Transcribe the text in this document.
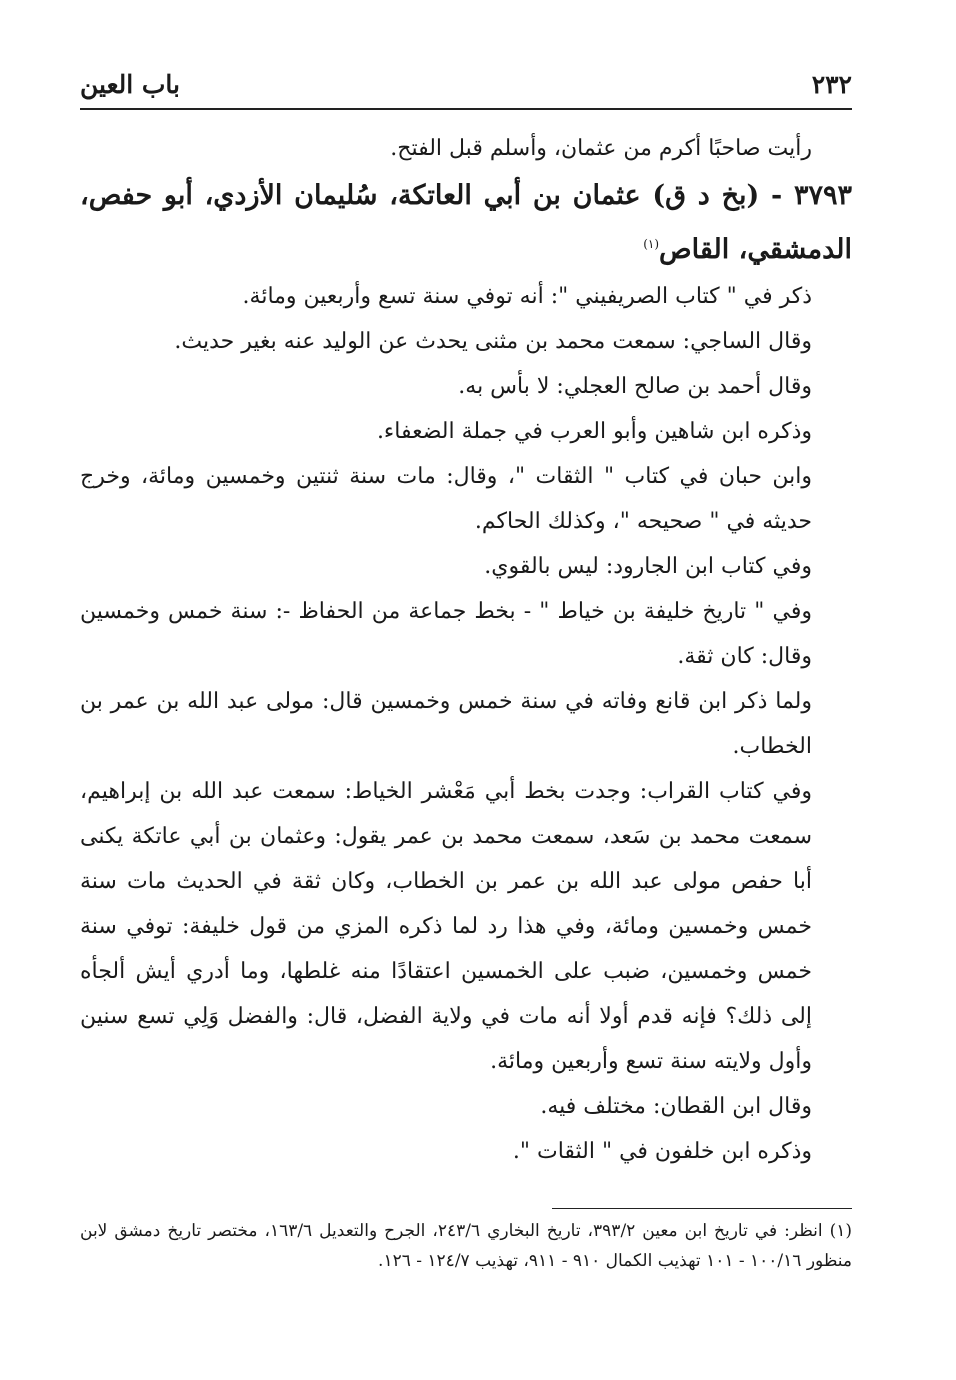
٢٣٢
باب العين

رأيت صاحبًا أكرم من عثمان، وأسلم قبل الفتح.

٣٧٩٣ - (بخ د ق) عثمان بن أبي العاتكة، سُليمان الأزدي، أبو حفص، الدمشقي، القاص$^{(١)}$

ذكر في " كتاب الصريفيني ": أنه توفي سنة تسع وأربعين ومائة.

وقال الساجي: سمعت محمد بن مثنى يحدث عن الوليد عنه بغير حديث.

وقال أحمد بن صالح العجلي: لا بأس به.

وذكره ابن شاهين وأبو العرب في جملة الضعفاء.

وابن حبان في كتاب " الثقات "، وقال: مات سنة ثنتين وخمسين ومائة، وخرج حديثه في " صحيحه "، وكذلك الحاكم.

وفي كتاب ابن الجارود: ليس بالقوي.

وفي " تاريخ خليفة بن خياط " - بخط جماعة من الحفاظ -: سنة خمس وخمسين وقال: كان ثقة.

ولما ذكر ابن قانع وفاته في سنة خمس وخمسين قال: مولى عبد الله بن عمر بن الخطاب.

وفي كتاب القراب: وجدت بخط أبي مَعْشر الخياط: سمعت عبد الله بن إبراهيم، سمعت محمد بن سَعد، سمعت محمد بن عمر يقول: وعثمان بن أبي عاتكة يكنى أبا حفص مولى عبد الله بن عمر بن الخطاب، وكان ثقة في الحديث مات سنة خمس وخمسين ومائة، وفي هذا رد لما ذكره المزي من قول خليفة: توفي سنة خمس وخمسين، ضبب على الخمسين اعتقادًا منه غلطها، وما أدري أيش ألجأه إلى ذلك؟ فإنه قدم أولا أنه مات في ولاية الفضل، قال: والفضل وَلِي تسع سنين وأول ولايته سنة تسع وأربعين ومائة.

وقال ابن القطان: مختلف فيه.

وذكره ابن خلفون في " الثقات ".

(١) انظر: في تاريخ ابن معين ٣٩٣/٢، تاريخ البخاري ٢٤٣/٦، الجرح والتعديل ١٦٣/٦، مختصر تاريخ دمشق لابن منظور ١٠٠/١٦ - ١٠١ تهذيب الكمال ٩١٠ - ٩١١، تهذيب ١٢٤/٧ - ١٢٦.
